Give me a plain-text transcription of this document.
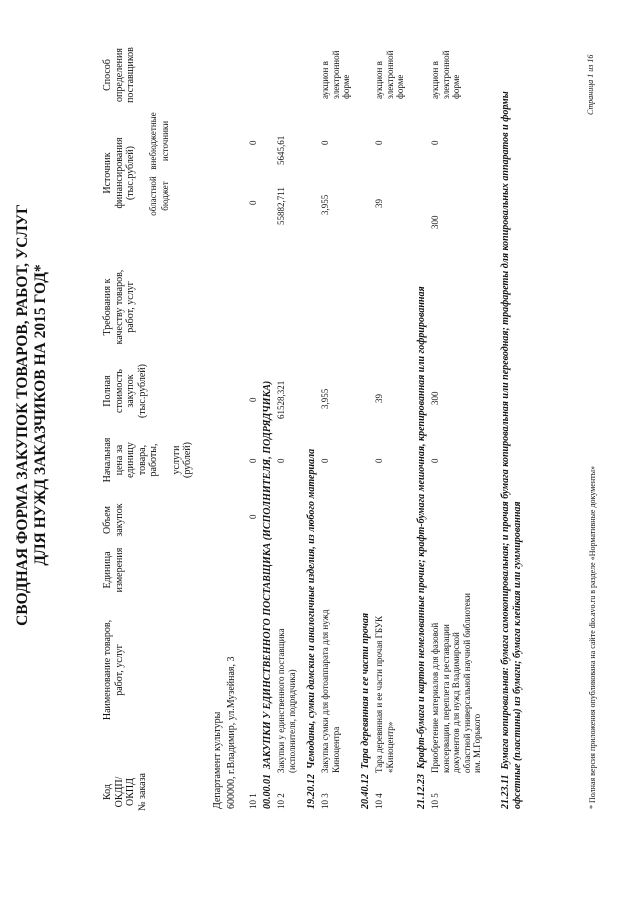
СВОДНАЯ ФОРМА ЗАКУПОК ТОВАРОВ, РАБОТ, УСЛУГ ДЛЯ НУЖД ЗАКАЗЧИКОВ НА 2015 ГОД*
Код ОКДП/ ОКПД № заказа
Наименование товаров, работ, услуг
Единица измерения
Объем закупок
Начальная цена за единицу товара, работы, услуги (рублей)
Полная стоимость закупок (тыс.рублей)
Требования к качеству товаров, работ, услуг
Источник финансирования (тыс.рублей) областной бюджет
внебюджетные источники
Способ определения поставщиков
Департамент культуры 600000, г.Владимир, ул.Музейная, 3 10 1
0
0
0
0
0
00.00.01  ЗАКУПКИ У ЕДИНСТВЕННОГО ПОСТАВЩИКА (ИСПОЛНИТЕЛЯ, ПОДРЯДЧИКА)
10 2
Закупки у единственного поставщика (исполнителя, подрядчика)
0
61528,321
55882,711
5645,61
19.20.12  Чемоданы, сумки дамские и аналогичные изделия, из любого материала
10 3
Закупка сумки для фотоаппарата для нужд Киноцентра
0
3,955
3,955
0
аукцион в электронной форме
20.40.12  Тара деревянная и ее части прочая
10 4
Тара деревянная и ее части прочая ГБУК «Киноцентр»
0
39
39
0
аукцион в электронной форме
21.12.23  Крафт-бумага и картон немелованные прочие; крафт-бумага мешочная, крепированная или гофрированная
10 5
Приобретение материалов для фазовой консервации, переплета и реставрации документов для нужд Владимирской областной универсальной научной библиотеки им. М.Горького
0
300
300
0
аукцион в электронной форме
21.23.11  Бумага копировальная: бумага самокопировальная; и прочая бумага копировальная или переводная; трафареты для копировальных аппаратов и формы офсетные (пластины) из бумаги; бумага клейкая или гуммированная	* Полная версия приложения опубликована на сайте dio.avo.ru в разделе «Нормативные документы»
Страница 1 из 16
